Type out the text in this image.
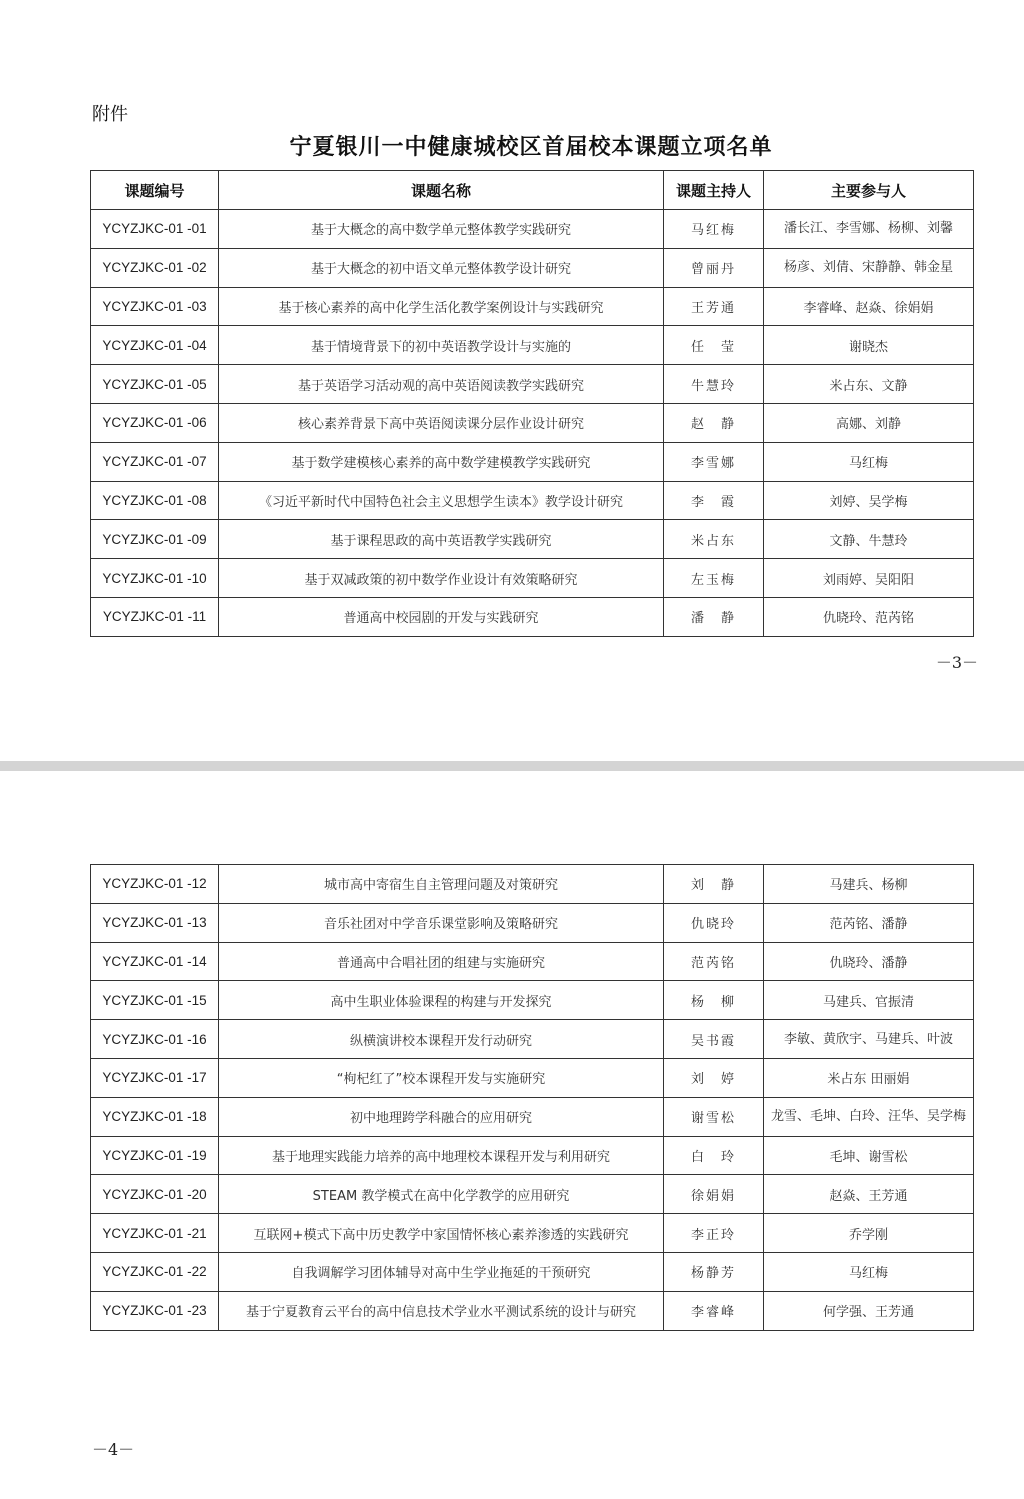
附件
宁夏银川一中健康城校区首届校本课题立项名单
课题编号	课题名称	课题主持人	主要参与人
YCYZJKC-01 -01	基于大概念的高中数学单元整体教学实践研究	马红梅	潘长江、李雪娜、杨柳、刘馨
YCYZJKC-01 -02	基于大概念的初中语文单元整体教学设计研究	曾丽丹	杨彦、刘倩、宋静静、韩金星
YCYZJKC-01 -03	基于核心素养的高中化学生活化教学案例设计与实践研究	王芳通	李睿峰、赵焱、徐娟娟
YCYZJKC-01 -04	基于情境背景下的初中英语教学设计与实施的	任　莹	谢晓杰
YCYZJKC-01 -05	基于英语学习活动观的高中英语阅读教学实践研究	牛慧玲	米占东、文静
YCYZJKC-01 -06	核心素养背景下高中英语阅读课分层作业设计研究	赵　静	高娜、刘静
YCYZJKC-01 -07	基于数学建模核心素养的高中数学建模教学实践研究	李雪娜	马红梅
YCYZJKC-01 -08	《习近平新时代中国特色社会主义思想学生读本》教学设计研究	李　霞	刘婷、吴学梅
YCYZJKC-01 -09	基于课程思政的高中英语教学实践研究	米占东	文静、牛慧玲
YCYZJKC-01 -10	基于双减政策的初中数学作业设计有效策略研究	左玉梅	刘雨婷、吴阳阳
YCYZJKC-01 -11	普通高中校园剧的开发与实践研究	潘　静	仇晓玲、范芮铭
－3－
YCYZJKC-01 -12	城市高中寄宿生自主管理问题及对策研究	刘　静	马建兵、杨柳
YCYZJKC-01 -13	音乐社团对中学音乐课堂影响及策略研究	仇晓玲	范芮铭、潘静
YCYZJKC-01 -14	普通高中合唱社团的组建与实施研究	范芮铭	仇晓玲、潘静
YCYZJKC-01 -15	高中生职业体验课程的构建与开发探究	杨　柳	马建兵、官振清
YCYZJKC-01 -16	纵横演讲校本课程开发行动研究	吴书霞	李敏、黄欣宇、马建兵、叶波
YCYZJKC-01 -17	“枸杞红了”校本课程开发与实施研究	刘　婷	米占东 田丽娟
YCYZJKC-01 -18	初中地理跨学科融合的应用研究	谢雪松	龙雪、毛坤、白玲、汪华、吴学梅
YCYZJKC-01 -19	基于地理实践能力培养的高中地理校本课程开发与利用研究	白　玲	毛坤、谢雪松
YCYZJKC-01 -20	STEAM 教学模式在高中化学教学的应用研究	徐娟娟	赵焱、王芳通
YCYZJKC-01 -21	互联网+模式下高中历史教学中家国情怀核心素养渗透的实践研究	李正玲	乔学刚
YCYZJKC-01 -22	自我调解学习团体辅导对高中生学业拖延的干预研究	杨静芳	马红梅
YCYZJKC-01 -23	基于宁夏教育云平台的高中信息技术学业水平测试系统的设计与研究	李睿峰	何学强、王芳通
－4－
